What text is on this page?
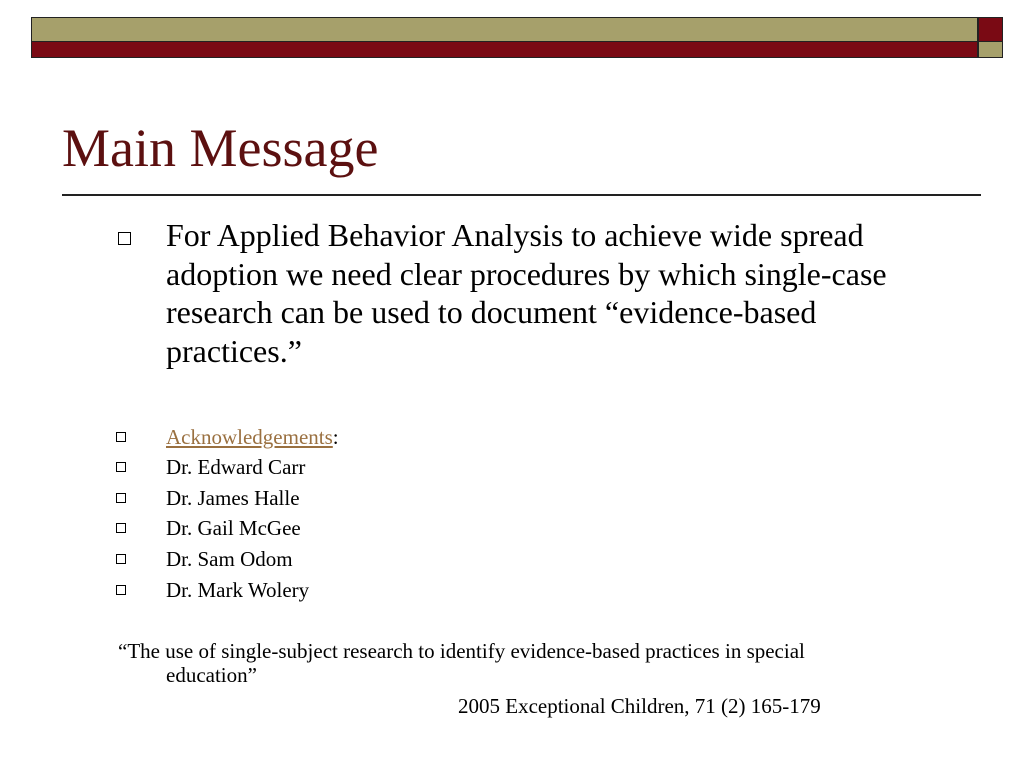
Main Message

For Applied Behavior Analysis to achieve wide spread adoption we need clear procedures by which single-case research can be used to document “evidence-based practices.”

Acknowledgements:
Dr. Edward Carr
Dr. James Halle
Dr. Gail McGee
Dr. Sam Odom
Dr. Mark Wolery

“The use of single-subject research to identify evidence-based practices in special
education”

2005 Exceptional Children, 71 (2) 165-179
